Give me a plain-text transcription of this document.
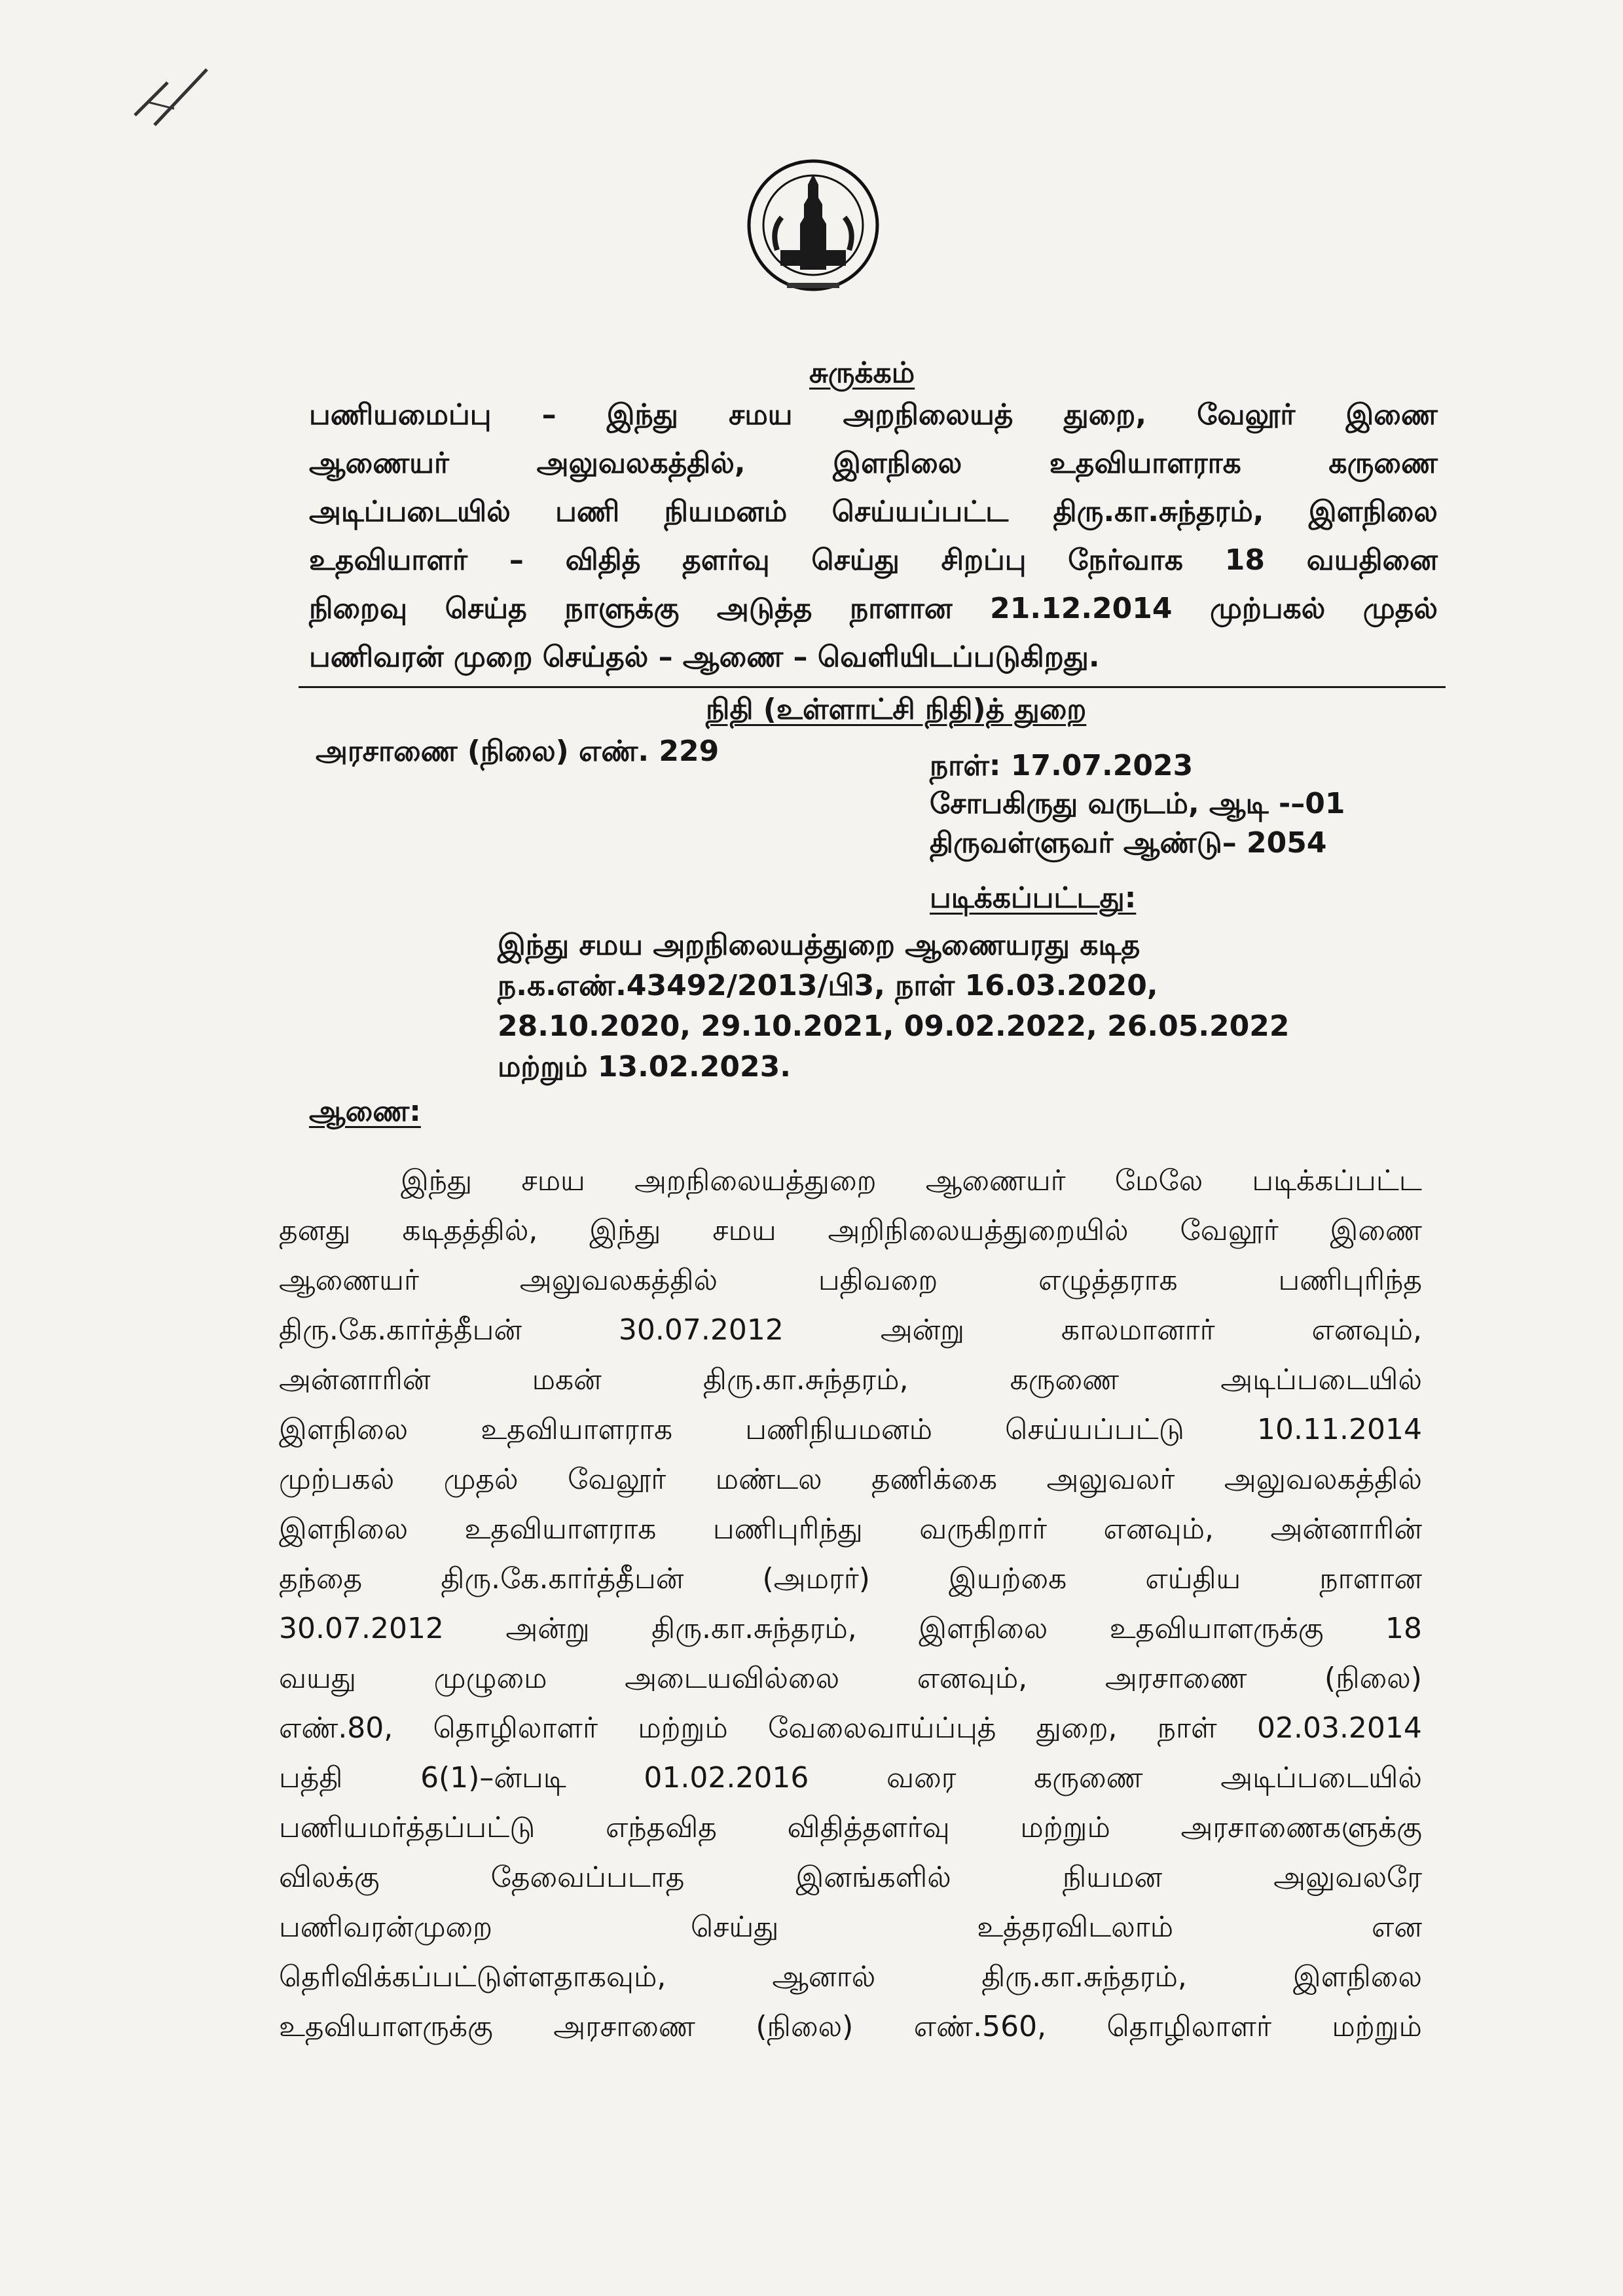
சுருக்கம்
பணியமைப்பு – இந்து சமய அறநிலையத் துறை, வேலூர் இணை
ஆணையர்	அலுவலகத்தில்,	இளநிலை	உதவியாளராக	கருணை
அடிப்படையில் பணி நியமனம் செய்யப்பட்ட திரு.கா.சுந்தரம், இளநிலை
உதவியாளர் – விதித் தளர்வு செய்து சிறப்பு நேர்வாக 18 வயதினை
நிறைவு செய்த நாளுக்கு அடுத்த நாளான 21.12.2014 முற்பகல் முதல்
பணிவரன் முறை செய்தல் – ஆணை – வெளியிடப்படுகிறது.
நிதி (உள்ளாட்சி நிதி)த் துறை
அரசாணை (நிலை) எண். 229	நாள்: 17.07.2023
சோபகிருது வருடம், ஆடி -–01
திருவள்ளுவர் ஆண்டு– 2054
படிக்கப்பட்டது:
இந்து சமய அறநிலையத்துறை ஆணையரது கடித
ந.க.எண்.43492/2013/பி3, நாள் 16.03.2020,
28.10.2020, 29.10.2021, 09.02.2022, 26.05.2022
மற்றும் 13.02.2023.
ஆணை:
இந்து சமய அறநிலையத்துறை ஆணையர் மேலே படிக்கப்பட்ட
தனது கடிதத்தில், இந்து சமய அறிநிலையத்துறையில் வேலூர் இணை
ஆணையர்	அலுவலகத்தில்	பதிவறை	எழுத்தராக	பணிபுரிந்த
திரு.கே.கார்த்தீபன்	30.07.2012	அன்று	காலமானார்	எனவும்,
அன்னாரின்	மகன்	திரு.கா.சுந்தரம்,	கருணை	அடிப்படையில்
இளநிலை	உதவியாளராக	பணிநியமனம்	செய்யப்பட்டு	10.11.2014
முற்பகல் முதல் வேலூர் மண்டல தணிக்கை அலுவலர் அலுவலகத்தில்
இளநிலை உதவியாளராக பணிபுரிந்து வருகிறார் எனவும், அன்னாரின்
தந்தை	திரு.கே.கார்த்தீபன்	(அமரர்)	இயற்கை	எய்திய	நாளான
30.07.2012 அன்று திரு.கா.சுந்தரம், இளநிலை உதவியாளருக்கு 18
வயது	முழுமை	அடையவில்லை	எனவும்,	அரசாணை	(நிலை)
எண்.80, தொழிலாளர் மற்றும் வேலைவாய்ப்புத் துறை, நாள் 02.03.2014
பத்தி	6(1)–ன்படி	01.02.2016	வரை	கருணை	அடிப்படையில்
பணியமர்த்தப்பட்டு எந்தவித விதித்தளர்வு மற்றும் அரசாணைகளுக்கு
விலக்கு	தேவைப்படாத	இனங்களில்	நியமன	அலுவலரே
பணிவரன்முறை	செய்து	உத்தரவிடலாம்	என
தெரிவிக்கப்பட்டுள்ளதாகவும்,	ஆனால்	திரு.கா.சுந்தரம்,	இளநிலை
உதவியாளருக்கு அரசாணை (நிலை) எண்.560, தொழிலாளர் மற்றும்
